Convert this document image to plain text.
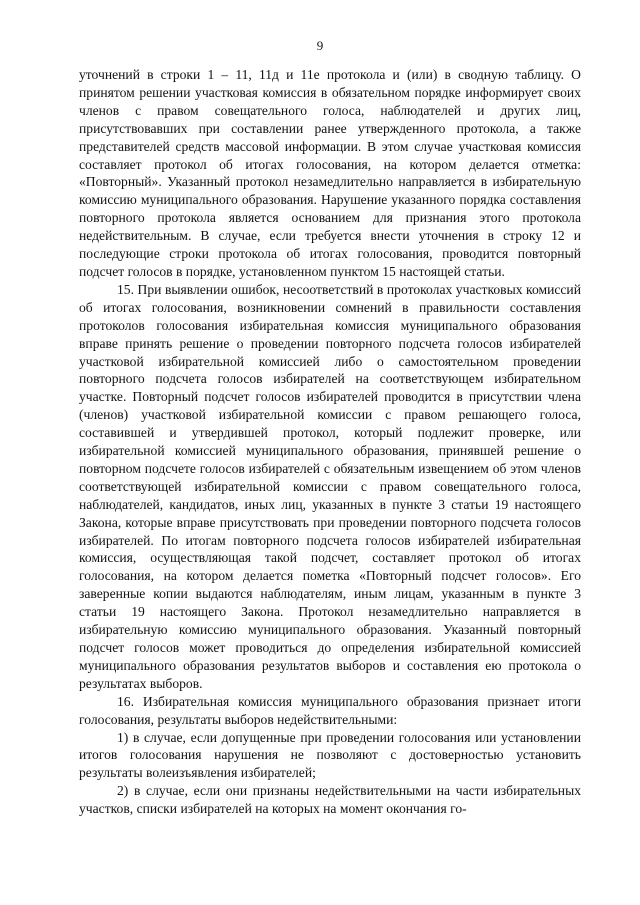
9

уточнений в строки 1 – 11, 11д и 11е протокола и (или) в сводную таблицу. О принятом решении участковая комиссия в обязательном порядке информирует своих членов с правом совещательного голоса, наблюдателей и других лиц, присутствовавших при составлении ранее утвержденного протокола, а также представителей средств массовой информации. В этом случае участковая комиссия составляет протокол об итогах голосования, на котором делается отметка: «Повторный». Указанный протокол незамедлительно направляется в избирательную комиссию муниципального образования. Нарушение указанного порядка составления повторного протокола является основанием для признания этого протокола недействительным. В случае, если требуется внести уточнения в строку 12 и последующие строки протокола об итогах голосования, проводится повторный подсчет голосов в порядке, установленном пунктом 15 настоящей статьи.

15. При выявлении ошибок, несоответствий в протоколах участковых комиссий об итогах голосования, возникновении сомнений в правильности составления протоколов голосования избирательная комиссия муниципального образования вправе принять решение о проведении повторного подсчета голосов избирателей участковой избирательной комиссией либо о самостоятельном проведении повторного подсчета голосов избирателей на соответствующем избирательном участке. Повторный подсчет голосов избирателей проводится в присутствии члена (членов) участковой избирательной комиссии с правом решающего голоса, составившей и утвердившей протокол, который подлежит проверке, или избирательной комиссией муниципального образования, принявшей решение о повторном подсчете голосов избирателей с обязательным извещением об этом членов соответствующей избирательной комиссии с правом совещательного голоса, наблюдателей, кандидатов, иных лиц, указанных в пункте 3 статьи 19 настоящего Закона, которые вправе присутствовать при проведении повторного подсчета голосов избирателей. По итогам повторного подсчета голосов избирателей избирательная комиссия, осуществляющая такой подсчет, составляет протокол об итогах голосования, на котором делается пометка «Повторный подсчет голосов». Его заверенные копии выдаются наблюдателям, иным лицам, указанным в пункте 3 статьи 19 настоящего Закона. Протокол незамедлительно направляется в избирательную комиссию муниципального образования. Указанный повторный подсчет голосов может проводиться до определения избирательной комиссией муниципального образования результатов выборов и составления ею протокола о результатах выборов.

16. Избирательная комиссия муниципального образования признает итоги голосования, результаты выборов недействительными:

1) в случае, если допущенные при проведении голосования или установлении итогов голосования нарушения не позволяют с достоверностью установить результаты волеизъявления избирателей;

2) в случае, если они признаны недействительными на части избирательных участков, списки избирателей на которых на момент окончания го-
